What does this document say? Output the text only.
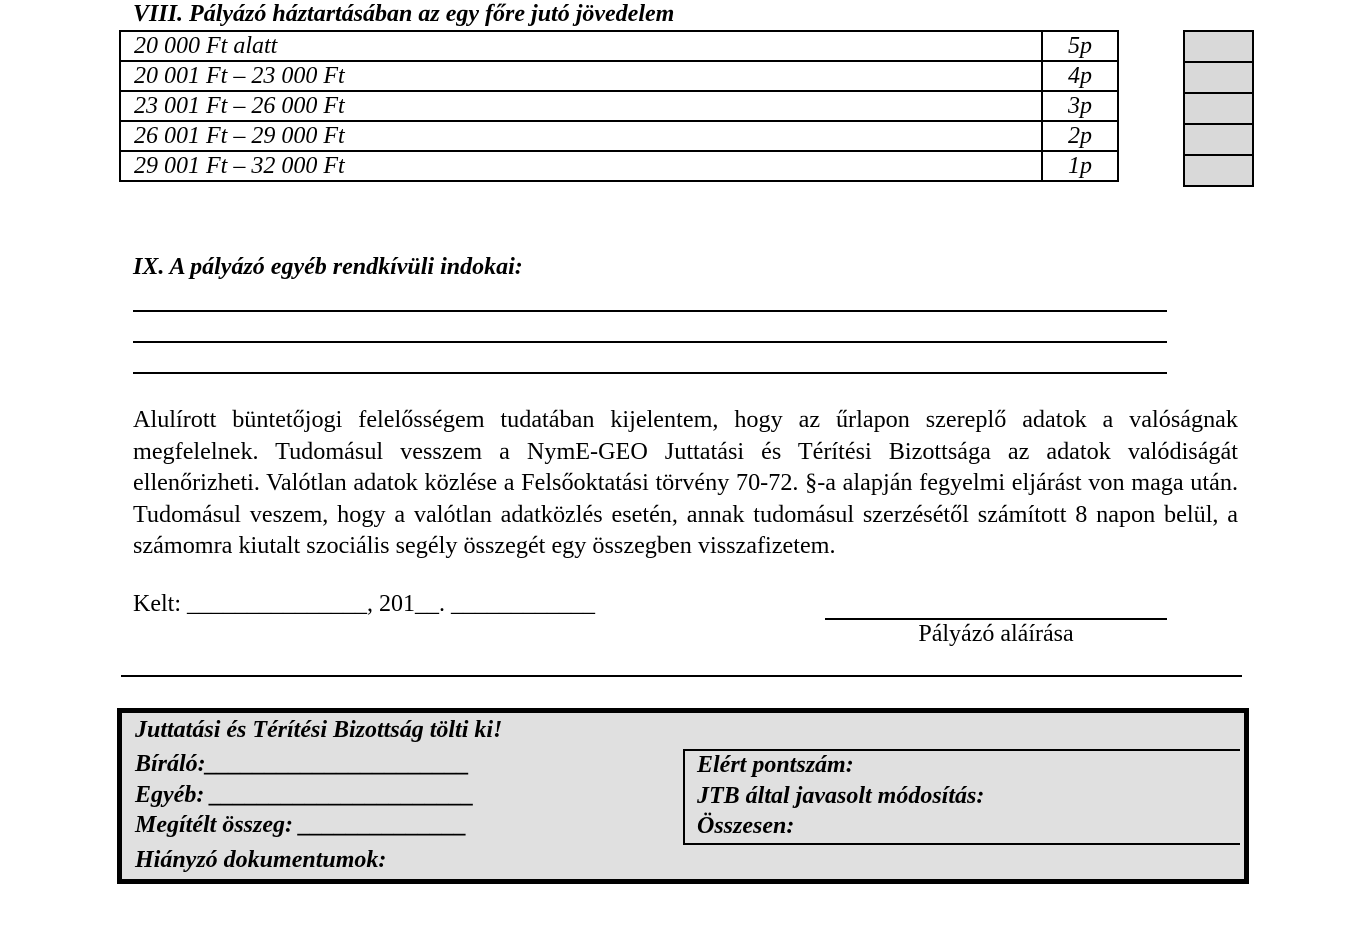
VIII. Pályázó háztartásában az egy főre jutó jövedelem
20 000 Ft alatt	5p
20 001 Ft – 23 000 Ft	4p
23 001 Ft – 26 000 Ft	3p
26 001 Ft – 29 000 Ft	2p
29 001 Ft – 32 000 Ft	1p
IX. A pályázó egyéb rendkívüli indokai:
Alulírott büntetőjogi felelősségem tudatában kijelentem, hogy az űrlapon szereplő adatok a valóságnak megfelelnek. Tudomásul vesszem a NymE-GEO Juttatási és Térítési Bizottsága az adatok valódiságát ellenőrizheti. Valótlan adatok közlése a Felsőoktatási törvény 70-72. §-a alapján fegyelmi eljárást von maga után. Tudomásul veszem, hogy a valótlan adatközlés esetén, annak tudomásul szerzésétől számított 8 napon belül, a számomra kiutalt szociális segély összegét egy összegben visszafizetem.
Kelt: _______________, 201__. ____________
Pályázó aláírása
Juttatási és Térítési Bizottság tölti ki!
Bíráló:______________________
Egyéb: ______________________
Megítélt összeg: ______________
Hiányzó dokumentumok:
Elért pontszám:
JTB által javasolt módosítás:
Összesen:
